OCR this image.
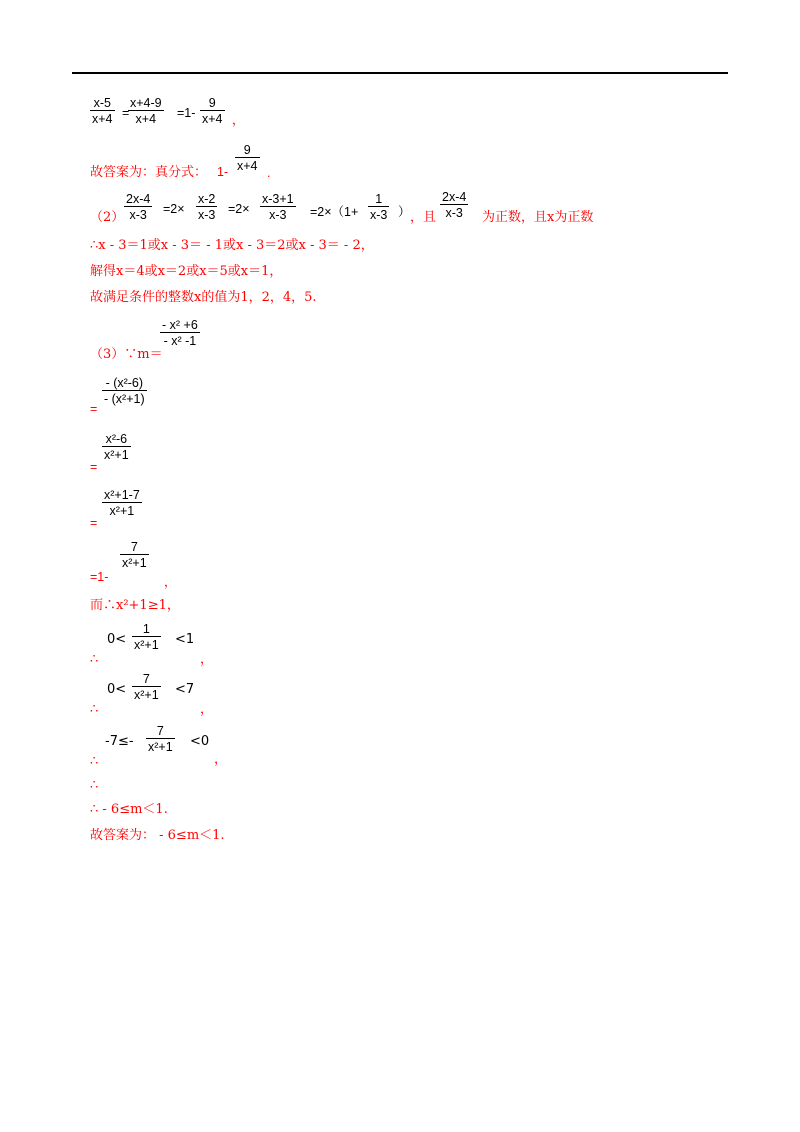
$\frac{x-5}{x+4}$ =
$\frac{x+4-9}{x+4} =1- \frac{9}{x+4}$ ，
故答案为：真分式： $1- \frac{9}{x+4}$ .
$(2) \frac{2x-4}{x-3} =2\times \frac{x-2}{x-3} =2\times \frac{x-3+1}{x-3} =2\times(1+ \frac{1}{x-3}$ ） ，且 $\frac{2x-4}{x-3}$ 为正数，且x为正数
∴x - 3＝1或x - 3＝ - 1或x - 3＝2或x - 3＝ - 2，
解得x＝4或x＝2或x＝5或x＝1，
故满足条件的整数x的值为1，2，4，5.
（3）∵m＝
$\frac{\text{- x² +6}}{\text{- x² -1}}$
=
$\frac{\text{- (x²-6)}}{\text{- (x²+1)}}$
=
$\frac{\text{x²-6}}{\text{x²+1}}$
=
$\frac{\text{x²+1-7}}{\text{x²+1}}$
=1-
$\frac{7}{\text{x²+1}}$
，
而∴x²+1≥1，
$0< \frac{1}{\text{x²+1}} <1$
∴	，
$0< \frac{7}{\text{x²+1}} <7$
∴	，
$-7\le- \frac{7}{\text{x²+1}} <0$
∴	，
∴
∴ - 6≤m＜1.
故答案为： - 6≤m＜1.
